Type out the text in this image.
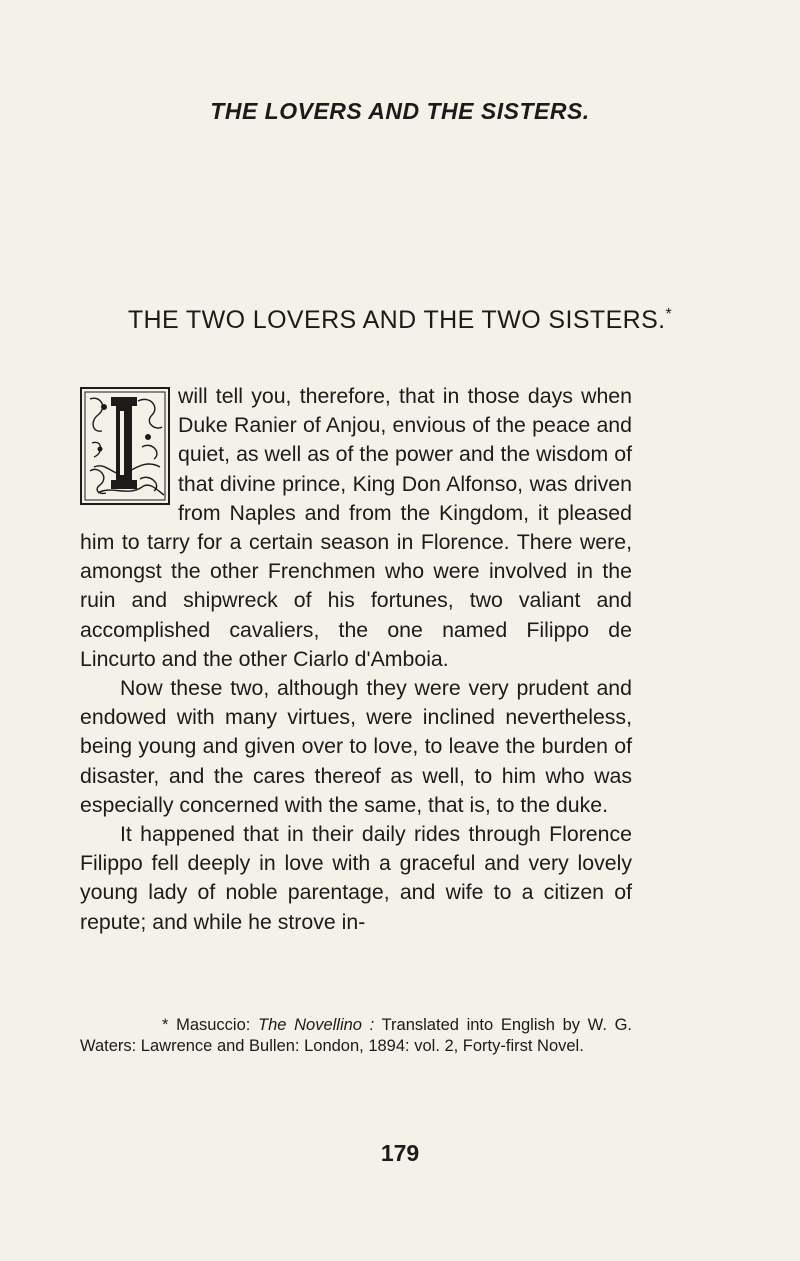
THE LOVERS AND THE SISTERS.
THE TWO LOVERS AND THE TWO SISTERS.*

will tell you, therefore, that in those days when Duke Ranier of Anjou, envious of the peace and quiet, as well as of the power and the wisdom of that divine prince, King Don Alfonso, was driven from Naples and from the Kingdom, it pleased him to tarry for a certain season in Florence. There were, amongst the other Frenchmen who were involved in the ruin and shipwreck of his fortunes, two valiant and accomplished cavaliers, the one named Filippo de Lincurto and the other Ciarlo d'Amboia.

Now these two, although they were very prudent and endowed with many virtues, were inclined nevertheless, being young and given over to love, to leave the burden of disaster, and the cares thereof as well, to him who was especially concerned with the same, that is, to the duke.

It happened that in their daily rides through Florence Filippo fell deeply in love with a graceful and very lovely young lady of noble parentage, and wife to a citizen of repute; and while he strove in-

* Masuccio: The Novellino : Translated into English by W. G. Waters: Lawrence and Bullen: London, 1894: vol. 2, Forty-first Novel.

179
